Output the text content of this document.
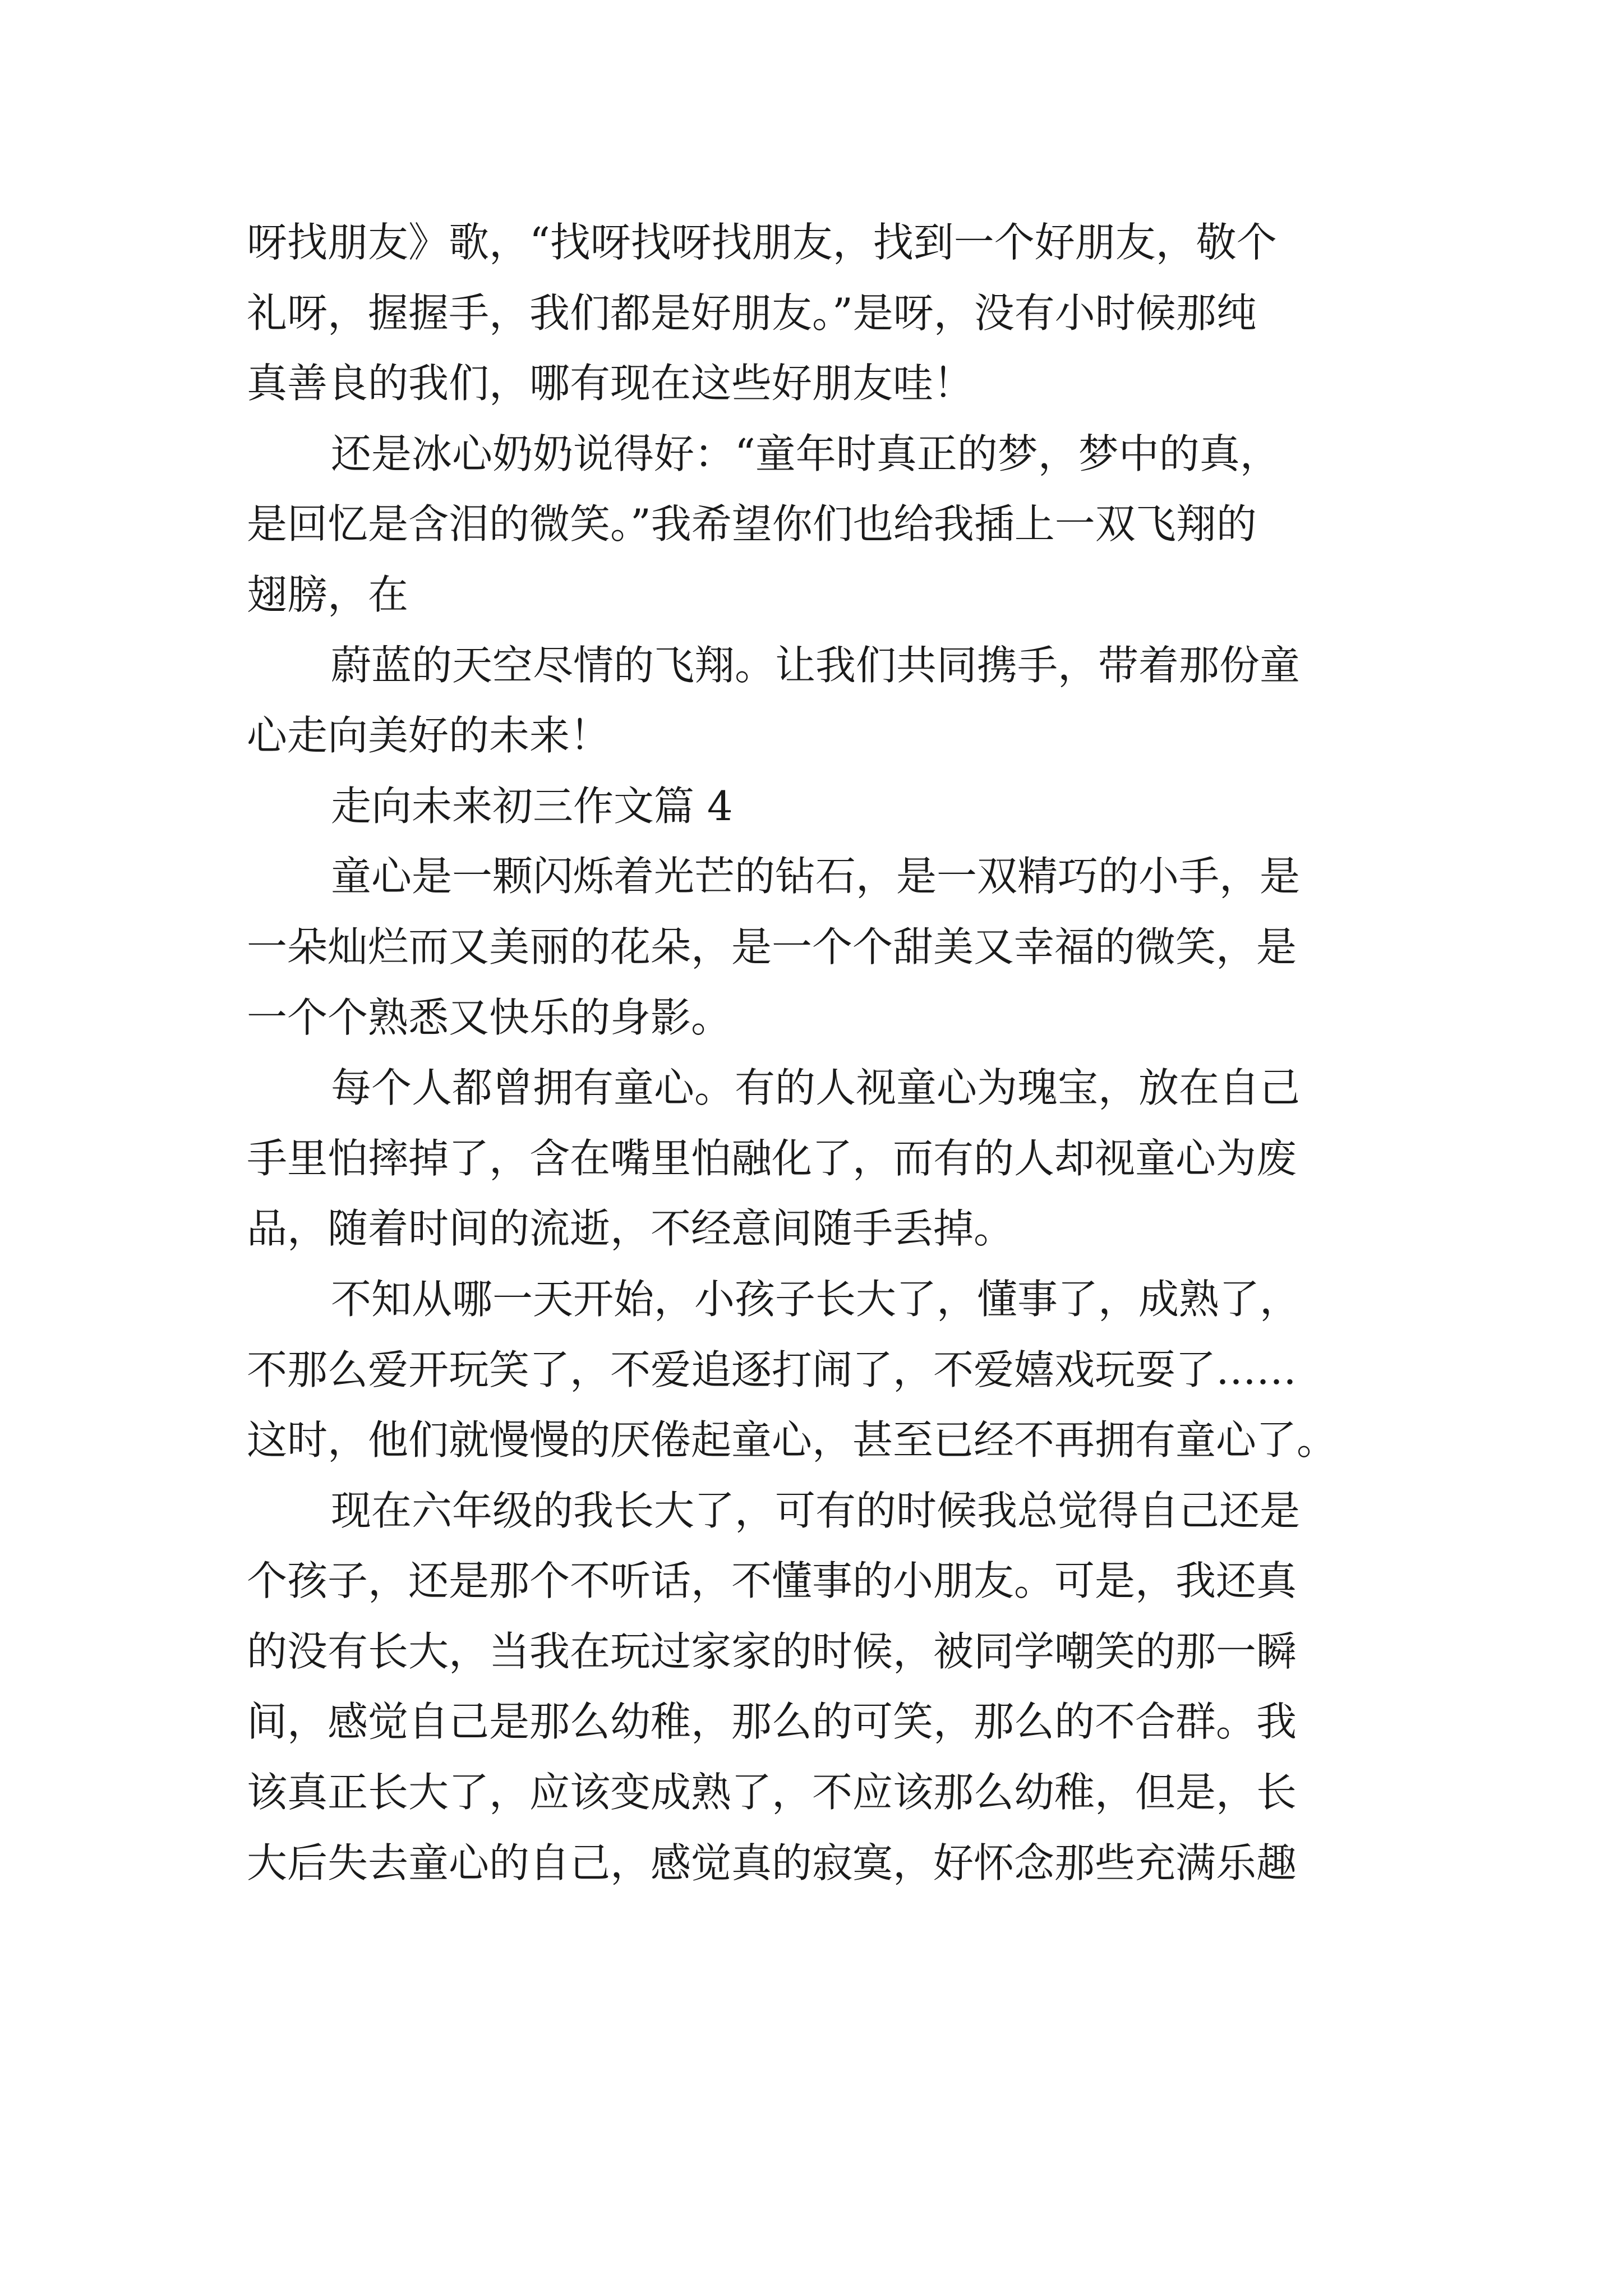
呀找朋友》歌，“找呀找呀找朋友，找到一个好朋友，敬个
礼呀，握握手，我们都是好朋友。”是呀，没有小时候那纯
真善良的我们，哪有现在这些好朋友哇！
还是冰心奶奶说得好：“童年时真正的梦，梦中的真，
是回忆是含泪的微笑。”我希望你们也给我插上一双飞翔的
翅膀，在
蔚蓝的天空尽情的飞翔。让我们共同携手，带着那份童
心走向美好的未来！
走向未来初三作文篇 4
童心是一颗闪烁着光芒的钻石，是一双精巧的小手，是
一朵灿烂而又美丽的花朵，是一个个甜美又幸福的微笑，是
一个个熟悉又快乐的身影。
每个人都曾拥有童心。有的人视童心为瑰宝，放在自己
手里怕摔掉了，含在嘴里怕融化了，而有的人却视童心为废
品，随着时间的流逝，不经意间随手丢掉。
不知从哪一天开始，小孩子长大了，懂事了，成熟了，
不那么爱开玩笑了，不爱追逐打闹了，不爱嬉戏玩耍了……
这时，他们就慢慢的厌倦起童心，甚至已经不再拥有童心了。
现在六年级的我长大了，可有的时候我总觉得自己还是
个孩子，还是那个不听话，不懂事的小朋友。可是，我还真
的没有长大，当我在玩过家家的时候，被同学嘲笑的那一瞬
间，感觉自己是那么幼稚，那么的可笑，那么的不合群。我
该真正长大了，应该变成熟了，不应该那么幼稚，但是，长
大后失去童心的自己，感觉真的寂寞，好怀念那些充满乐趣
